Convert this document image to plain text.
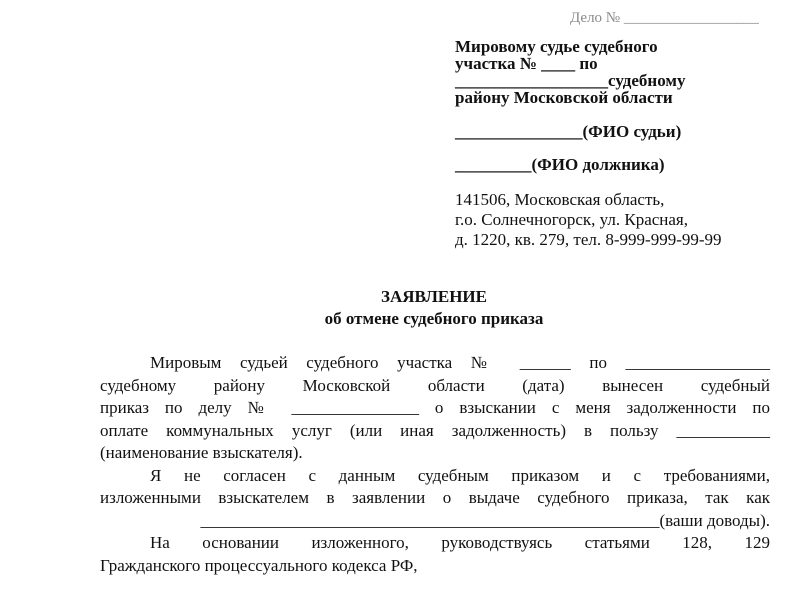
Дело № __________________
Мировому судье судебного
участка № ____ по
__________________судебному
району Московской области
_______________(ФИО судьи)
_________(ФИО должника)
141506, Московская область,
г.о. Солнечногорск, ул. Красная,
д. 1220, кв. 279, тел. 8-999-999-99-99
ЗАЯВЛЕНИЕ
об отмене судебного приказа

Мировым судьей судебного участка № ______ по _________________

судебному району Московской области (дата) вынесен судебный

приказ по делу № _______________ о взыскании с меня задолженности по

оплате коммунальных услуг (или иная задолженность) в пользу ___________

(наименование взыскателя).

Я не согласен с данным судебным приказом и с требованиями,

изложенными взыскателем в заявлении о выдаче судебного приказа, так как

______________________________________________________(ваши доводы).

На основании изложенного, руководствуясь статьями 128, 129

Гражданского процессуального кодекса РФ,
